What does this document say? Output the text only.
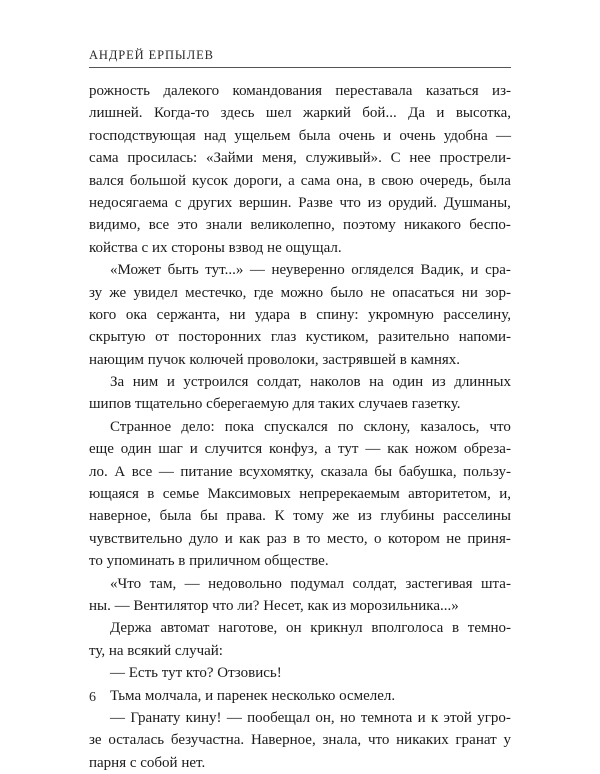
АНДРЕЙ ЕРПЫЛЕВ
рожность далекого командования переставала казаться из-
лишней. Когда-то здесь шел жаркий бой... Да и высотка,
господствующая над ущельем была очень и очень удобна —
сама просилась: «Займи меня, служивый». С нее прострели-
вался большой кусок дороги, а сама она, в свою очередь, была
недосягаема с других вершин. Разве что из орудий. Душманы,
видимо, все это знали великолепно, поэтому никакого беспо-
койства с их стороны взвод не ощущал.
«Может быть тут...» — неуверенно огляделся Вадик, и сра-
зу же увидел местечко, где можно было не опасаться ни зор-
кого ока сержанта, ни удара в спину: укромную расселину,
скрытую от посторонних глаз кустиком, разительно напоми-
нающим пучок колючей проволоки, застрявшей в камнях.
За ним и устроился солдат, наколов на один из длинных
шипов тщательно сберегаемую для таких случаев газетку.
Странное дело: пока спускался по склону, казалось, что
еще один шаг и случится конфуз, а тут — как ножом обреза-
ло. А все — питание всухомятку, сказала бы бабушка, пользу-
ющаяся в семье Максимовых непререкаемым авторитетом, и,
наверное, была бы права. К тому же из глубины расселины
чувствительно дуло и как раз в то место, о котором не приня-
то упоминать в приличном обществе.
«Что там, — недовольно подумал солдат, застегивая шта-
ны. — Вентилятор что ли? Несет, как из морозильника...»
Держа автомат наготове, он крикнул вполголоса в темно-
ту, на всякий случай:
— Есть тут кто? Отзовись!
Тьма молчала, и паренек несколько осмелел.
— Гранату кину! — пообещал он, но темнота и к этой угро-
зе осталась безучастна. Наверное, знала, что никаких гранат у
парня с собой нет.
6
